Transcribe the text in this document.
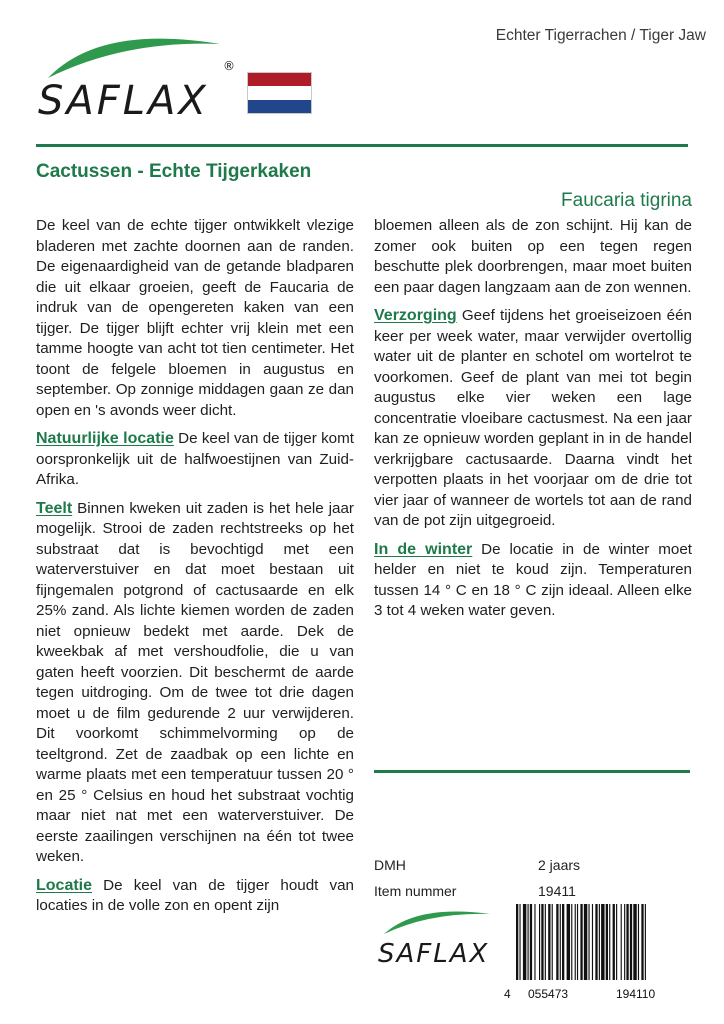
SAFLAX
®
Echter Tigerrachen / Tiger Jaw
Cactussen - Echte Tijgerkaken
Faucaria tigrina

De keel van de echte tijger ontwikkelt vlezige bladeren met zachte doornen aan de randen. De eigenaardigheid van de getande bladparen die uit elkaar groeien, geeft de Faucaria de indruk van de opengereten kaken van een tijger. De tijger blijft echter vrij klein met een tamme hoogte van acht tot tien centimeter. Het toont de felgele bloemen in augustus en september. Op zonnige middagen gaan ze dan open en 's avonds weer dicht.

Natuurlijke locatie De keel van de tijger komt oorspronkelijk uit de halfwoestijnen van Zuid-Afrika.

Teelt Binnen kweken uit zaden is het hele jaar mogelijk. Strooi de zaden rechtstreeks op het substraat dat is bevochtigd met een waterverstuiver en dat moet bestaan uit fijngemalen potgrond of cactusaarde en elk 25% zand. Als lichte kiemen worden de zaden niet opnieuw bedekt met aarde. Dek de kweekbak af met vershoudfolie, die u van gaten heeft voorzien. Dit beschermt de aarde tegen uitdroging. Om de twee tot drie dagen moet u de film gedurende 2 uur verwijderen. Dit voorkomt schimmelvorming op de teeltgrond. Zet de zaadbak op een lichte en warme plaats met een temperatuur tussen 20 ° en 25 ° Celsius en houd het substraat vochtig maar niet nat met een waterverstuiver. De eerste zaailingen verschijnen na één tot twee weken.

Locatie De keel van de tijger houdt van locaties in de volle zon en opent zijn

bloemen alleen als de zon schijnt. Hij kan de zomer ook buiten op een tegen regen beschutte plek doorbrengen, maar moet buiten een paar dagen langzaam aan de zon wennen.

Verzorging Geef tijdens het groeiseizoen één keer per week water, maar verwijder overtollig water uit de planter en schotel om wortelrot te voorkomen. Geef de plant van mei tot begin augustus elke vier weken een lage concentratie vloeibare cactusmest. Na een jaar kan ze opnieuw worden geplant in in de handel verkrijgbare cactusaarde. Daarna vindt het verpotten plaats in het voorjaar om de drie tot vier jaar of wanneer de wortels tot aan de rand van de pot zijn uitgegroeid.

In de winter De locatie in de winter moet helder en niet te koud zijn. Temperaturen tussen 14 ° C en 18 ° C zijn ideaal. Alleen elke 3 tot 4 weken water geven.

DMH	2 jaars
Item nummer	19411
SAFLAX
4 055473	194110
